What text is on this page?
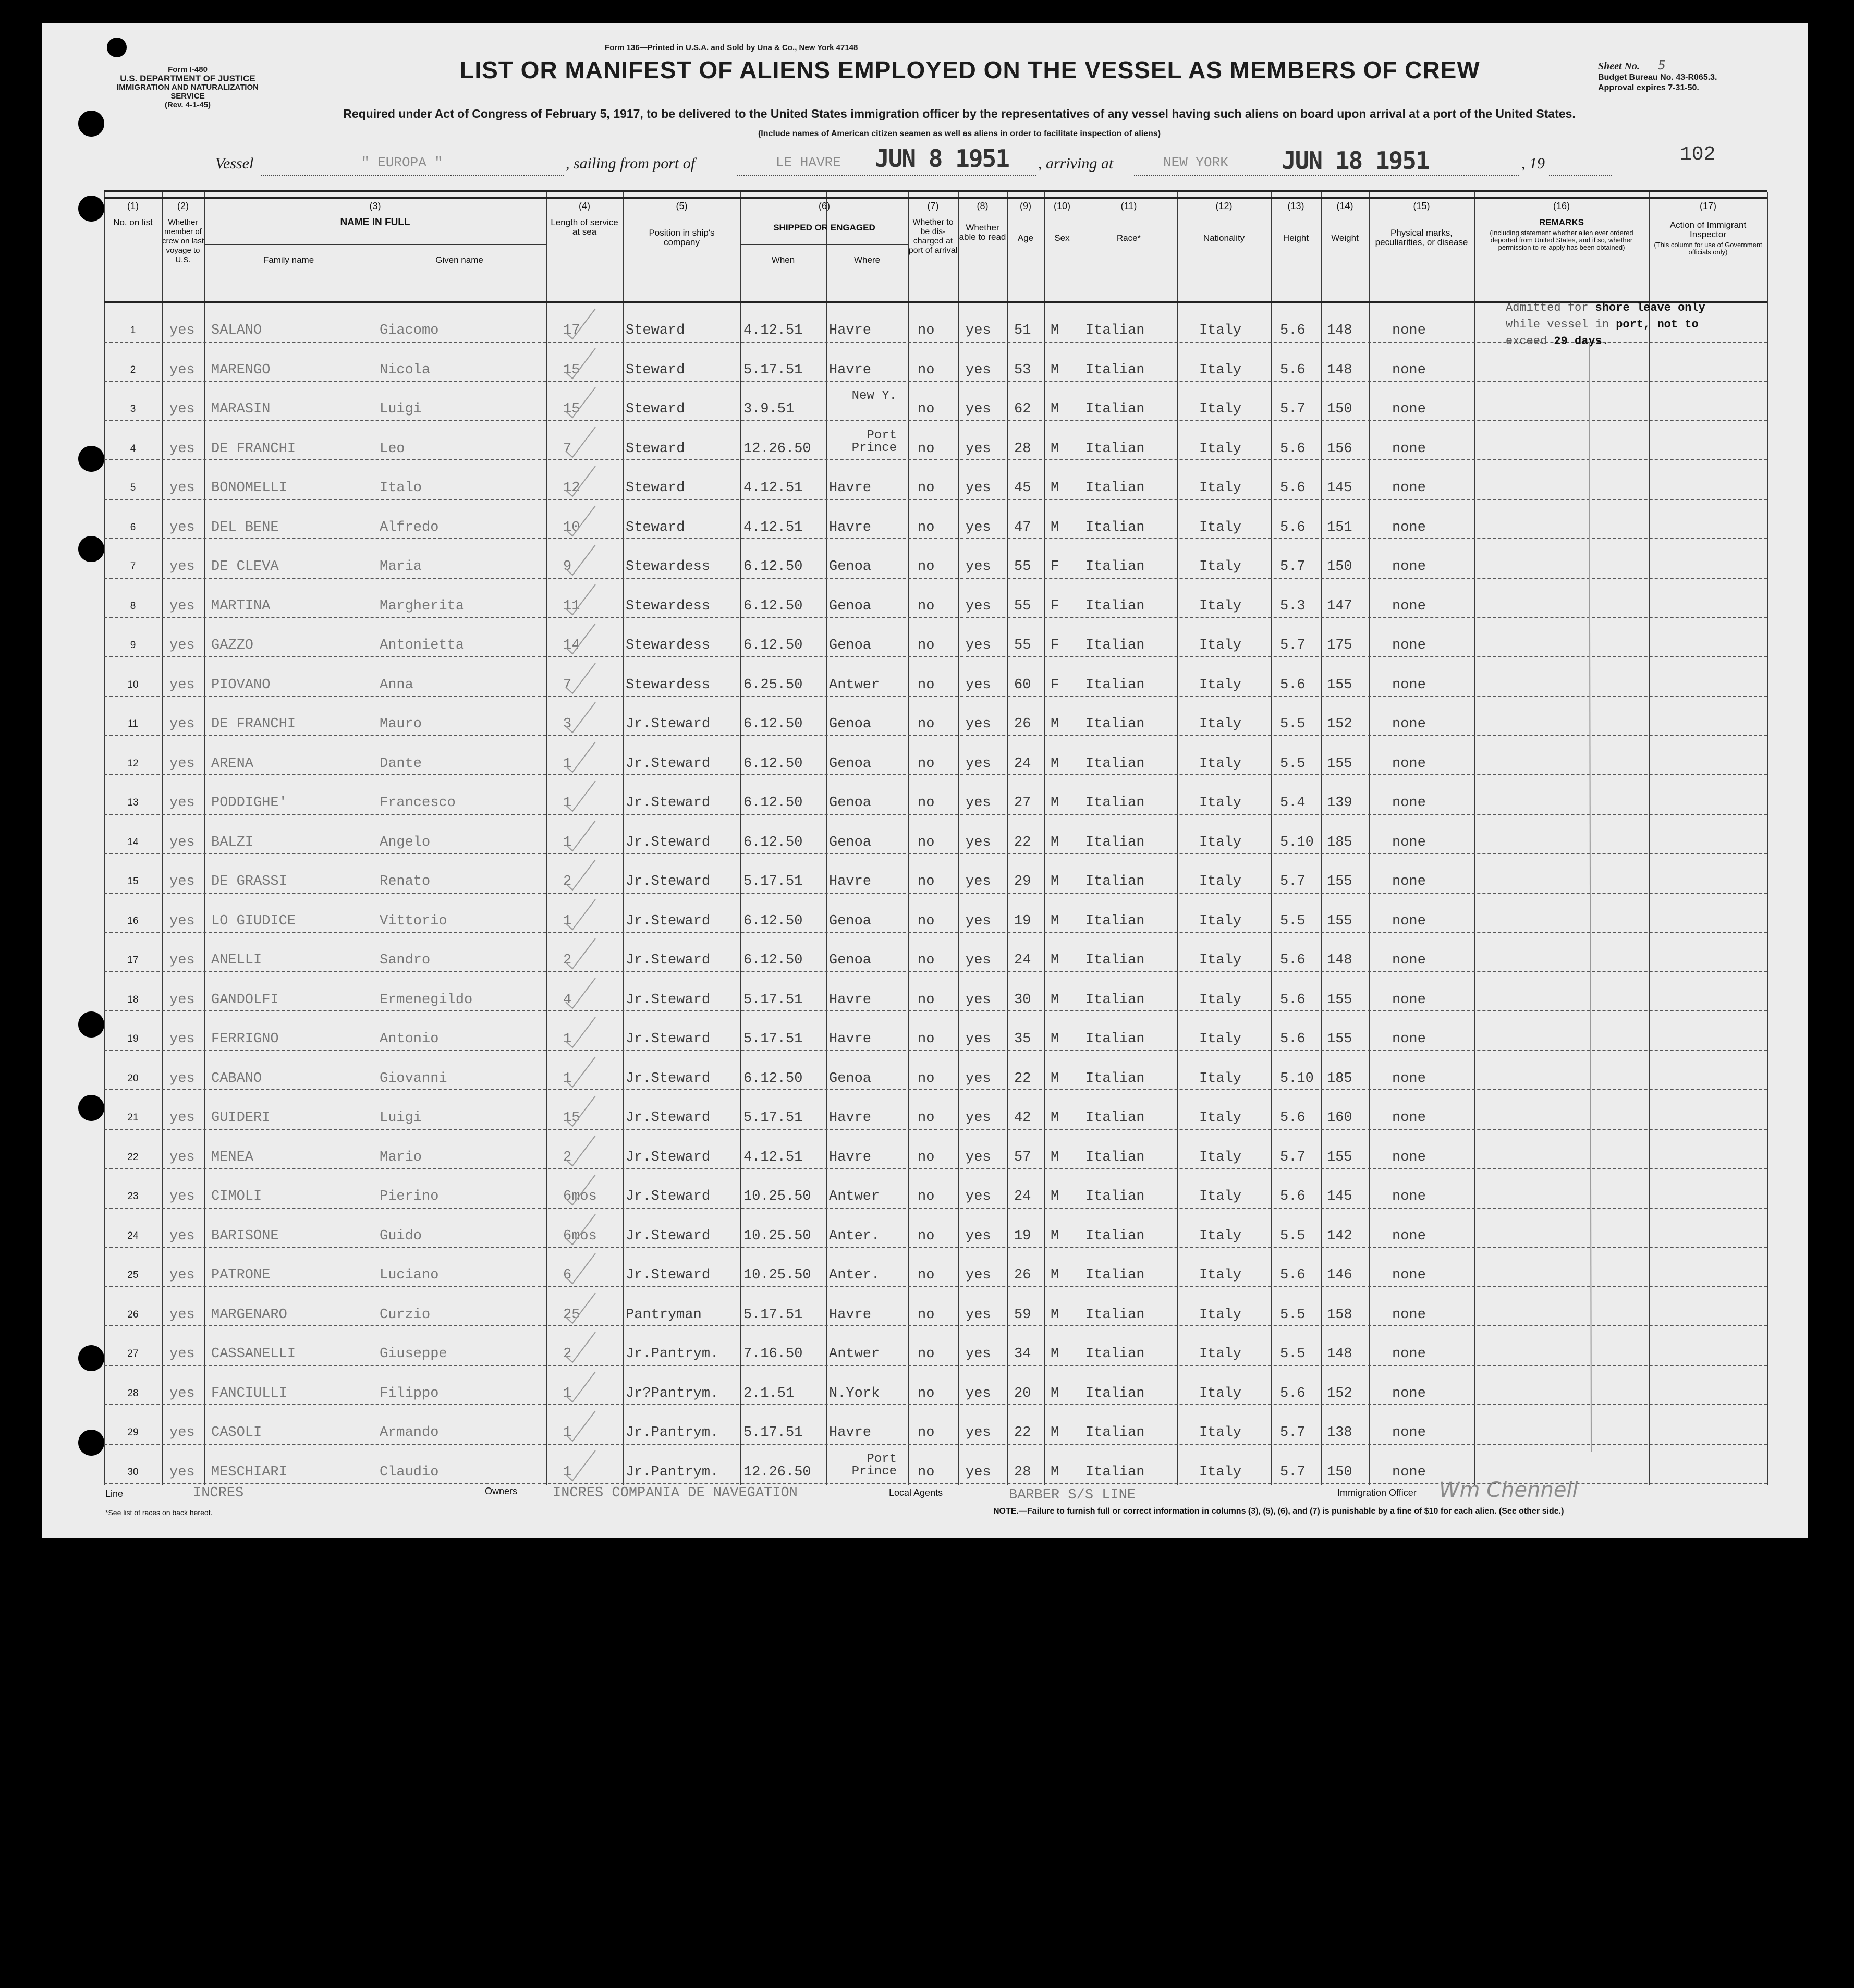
Form 136—Printed in U.S.A. and Sold by Una & Co., New York 47148
Form I-480
U.S. DEPARTMENT OF JUSTICE
IMMIGRATION AND NATURALIZATION SERVICE
(Rev. 4-1-45)
LIST OR MANIFEST OF ALIENS EMPLOYED ON THE VESSEL AS MEMBERS OF CREW	Sheet No. 5
Budget Bureau No. 43-R065.3.
Approval expires 7-31-50.
Required under Act of Congress of February 5, 1917, to be delivered to the United States immigration officer by the representatives of any vessel having such aliens on board upon arrival at a port of the United States.
(Include names of American citizen seamen as well as aliens in order to facilitate inspection of aliens)
Vessel	" EUROPA "	, sailing from port of	LE HAVRE JUN 8 1951 , arriving at	NEW YORK JUN 18 1951	, 19	102
(1)
No. on list
(2)
Whether member of crew on last voyage to U.S.
(3)
NAME IN FULL
Family name	Given name
(4)
Length of service at sea
(5)
Position in ship's company
(6)
SHIPPED OR ENGAGED
When	Where
(7)
Whether to be dis-charged at port of arrival
(8)
Whether able to read
(9)
Age
(10)
Sex
(11)
Race*
(12)
Nationality
(13)
Height
(14)
Weight
(15)
Physical marks, peculiarities, or disease
(16)
REMARKS
(Including statement whether alien ever ordered deported from United States, and if so, whether permission to re-apply has been obtained)
(17)
Action of Immigrant Inspector
(This column for use of Government officials only)
1	yes SALANO	Giacomo	17	Steward	4.12.51 Havre	no yes 51 M Italian	Italy	5.6 148	none
2	yes MARENGO	Nicola	15	Steward	5.17.51 Havre	no yes 53 M Italian	Italy	5.6 148	none
3	yes MARASIN	Luigi	15	Steward	3.9.51
New Y.
no yes 62 M Italian	Italy	5.7 150	none
4	yes DE FRANCHI	Leo	7	Steward	12.26.50
Port Prince no yes 28 M Italian	Italy	5.6 156	none
5	yes BONOMELLI	Italo	12	Steward	4.12.51 Havre	no yes 45 M Italian	Italy	5.6 145	none
6	yes DEL BENE	Alfredo	10	Steward	4.12.51 Havre	no yes 47 M Italian	Italy	5.6 151	none
7	yes DE CLEVA	Maria	9	Stewardess 6.12.50 Genoa	no yes 55 F Italian	Italy	5.7 150	none
8	yes MARTINA	Margherita	11	Stewardess 6.12.50 Genoa	no yes 55 F Italian	Italy	5.3 147	none
9	yes GAZZO	Antonietta	14	Stewardess 6.12.50 Genoa	no yes 55 F Italian	Italy	5.7 175	none
10	yes PIOVANO	Anna	7	Stewardess 6.25.50 Antwer	no yes 60 F Italian	Italy	5.6 155	none
11	yes DE FRANCHI	Mauro	3	Jr.Steward 6.12.50 Genoa	no yes 26 M Italian	Italy	5.5 152	none
12	yes ARENA	Dante	1	Jr.Steward 6.12.50 Genoa	no yes 24 M Italian	Italy	5.5 155	none
13	yes PODDIGHE'	Francesco	1	Jr.Steward 6.12.50 Genoa	no yes 27 M Italian	Italy	5.4 139	none
14	yes BALZI	Angelo	1	Jr.Steward 6.12.50 Genoa	no yes 22 M Italian	Italy	5.10 185	none
15	yes DE GRASSI	Renato	2	Jr.Steward 5.17.51 Havre	no yes 29 M Italian	Italy	5.7 155	none
16	yes LO GIUDICE	Vittorio	1	Jr.Steward 6.12.50 Genoa	no yes 19 M Italian	Italy	5.5 155	none
17	yes ANELLI	Sandro	2	Jr.Steward 6.12.50 Genoa	no yes 24 M Italian	Italy	5.6 148	none
18	yes GANDOLFI	Ermenegildo	4	Jr.Steward 5.17.51 Havre	no yes 30 M Italian	Italy	5.6 155	none
19	yes FERRIGNO	Antonio	1	Jr.Steward 5.17.51 Havre	no yes 35 M Italian	Italy	5.6 155	none
20	yes CABANO	Giovanni	1	Jr.Steward 6.12.50 Genoa	no yes 22 M Italian	Italy	5.10 185	none
21	yes GUIDERI	Luigi	15	Jr.Steward 5.17.51 Havre	no yes 42 M Italian	Italy	5.6 160	none
22	yes MENEA	Mario	2	Jr.Steward 4.12.51 Havre	no yes 57 M Italian	Italy	5.7 155	none
23	yes CIMOLI	Pierino	6mos Jr.Steward 10.25.50 Antwer	no yes 24 M Italian	Italy	5.6 145	none
24	yes BARISONE	Guido	6mos Jr.Steward 10.25.50 Anter.	no yes 19 M Italian	Italy	5.5 142	none
25	yes PATRONE	Luciano	6	Jr.Steward 10.25.50 Anter.	no yes 26 M Italian	Italy	5.6 146	none
26	yes MARGENARO	Curzio	25	Pantryman	5.17.51 Havre	no yes 59 M Italian	Italy	5.5 158	none
27	yes CASSANELLI	Giuseppe	2	Jr.Pantrym. 7.16.50 Antwer	no yes 34 M Italian	Italy	5.5 148	none
28	yes FANCIULLI	Filippo	1	Jr?Pantrym. 2.1.51 N.York	no yes 20 M Italian	Italy	5.6 152	none
29	yes CASOLI	Armando	1	Jr.Pantrym. 5.17.51 Havre	no yes 22 M Italian	Italy	5.7 138	none
30	yes MESCHIARI	Claudio	1	Jr.Pantrym. 12.26.50
Port Prince no yes 28 M Italian	Italy	5.7 150	none
Admitted for shore leave only
while vessel in port, not to
exceed 29 days.
Line
*See list of races on back hereof.
INCRES	Owners	INCRES COMPANIA DE NAVEGATION	Local Agents	BARBER S/S LINE	Immigration Officer Wm Chennell
NOTE.—Failure to furnish full or correct information in columns (3), (5), (6), and (7) is punishable by a fine of $10 for each alien. (See other side.)
